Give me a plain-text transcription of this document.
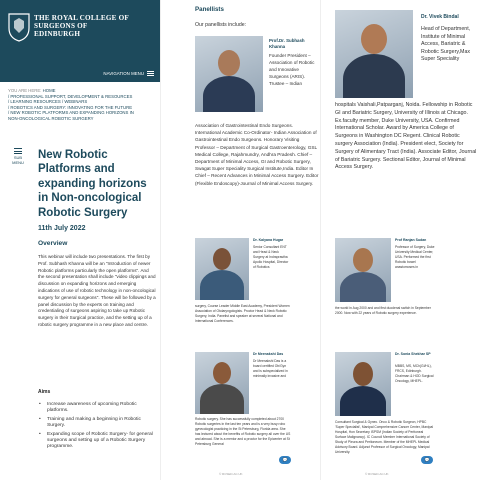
THE ROYAL COLLEGE OF SURGEONS OF EDINBURGH
NAVIGATION MENU
YOU ARE HERE: HOME
/ PROFESSIONAL SUPPORT, DEVELOPMENT & RESOURCES
/ LEARNING RESOURCES / WEBINARS
/ ROBOTICS AND SURGERY: INNOVATING FOR THE FUTURE
/ NEW ROBOTIC PLATFORMS AND EXPANDING HORIZONS IN
NON-ONCOLOGICAL ROBOTIC SURGERY
SUB MENU
New Robotic Platforms and expanding horizons in Non-oncological Robotic Surgery
11th July 2022
Overview

This webinar will include two presentations. The first by Prof. Subhash Khanna will be an "Introduction of newer Robotic platforms particularly the open platforms". And the second presentation shall include "video clippings and discussion on expanding horizons and emerging indications of use of robotic technology in non-oncological surgery for general surgeons". These will be followed by a panel discussion by the experts on training and credentialing of surgeons aspiring to take up Robotic surgery in their Surgical practice, and the setting up of a robotic surgery programme in a new place and centre.

Aims
• Increase awareness of upcoming Robotic platforms.
• Training and making a beginning in Robotic Surgery.
• Expanding scope of Robotic Surgery- for general surgeons and setting up of a Robotic Surgery programme.
Panellists
Our panellists include:
Prof.Dr. Subhash Khanna
Founder President – Association of Robotic and Innovative Surgeons (ARIS). Trustee – Indian
Association of Gastrointestinal Endo Surgeons. International Academic Co-Ordinator- Indian Association of Gastrointestinal Endo Surgeons. Honorary Visiting Professor – Department of Surgical Gastroenterology, GSL Medical College, Rajahmundry, Andhra Pradesh. Chief – Department of Minimal Access, GI and Robotic Surgery, Swagat Super Speciality Surgical Institute,India. Editor In Chief – Recent Advances in Minimal Access Surgery. Editor (Flexible Endoscopy)-Journal of Minimal Access Surgery.
Dr. Kalyana Hugar
Senior Consultant ENT and Head & Neck Surgery at Indraprastha Apollo Hospital, Director of Robotics
surgery, Course Leader Middle East Academy, President Women Association of Otolaryngologists. Proctor Head & Neck Robotic Surgery, India. Panelist and speaker at several National and International Conferences.
Dr Meenakshi Das
Dr Meenakshi Das is a board certified Ob/Gyn and is subspecialized in minimally invasive and
Robotic surgery. She has successfully completed about 2700 Robotic surgeries in the last ten years and is a very busy robo gynecologist practicing in the St Petersburg, Florida area. She has lectured about the benefits of Robotic surgery all over the US and abroad. She is a mentor and a proctor for the Epicenter at St Petersburg General
💬
© RCSED.AC.UK
Dr. Vivek Bindal
Head of Department, Institute of Minimal Access, Bariatric & Robotic Surgery,Max Super Speciality
hospitals Vaishali,Patparganj, Noida. Fellowship in Robotic GI and Bariatric Surgery, University of Illinois at Chicago. Ex.faculty member, Duke University, USA. Confirmed International Scholar. Award by America College of Surgeons in Washington DC Regent. Clinical Robotic surgery Association (India). President elect, Society for Surgery of Alimentary Tract (India). Associate Editor, Journal of Bariatric Surgery. Sectional Editor, Journal of Minimal Access Surgery.
Prof Ranjan Sudan
Professor of Surgery, Duke University Medical Center, USA. Performed the first Robotic bowel anastomoses in
the world in Aug 2000 and and first duodenal switch in September 2000. Now with 22 years of Robotic surgery experience.
Dr. Sonia Shekhar SP
MBBS, MS, MCh(GI/HL), FRCS, Edinburgh. Chairman & HOD Surgical Oncology, MHEPL.
Consultant Surgical & Gynec. Onco & Robotic Surgeon, HPBC 'Super Specialist', Manipal Comprehensive Cancer Center, Manipal Hospital, Hon Secretary ISPSM (Indian Society of Peritoneal Surface Malignancy). IC Council Member International Society of Study of Pleura and Peritoneum. Member of the MHEPL Medical Advisory Board. Adjunct Professor of Surgical Oncology, Manipal University.
💬
© RCSED.AC.UK
